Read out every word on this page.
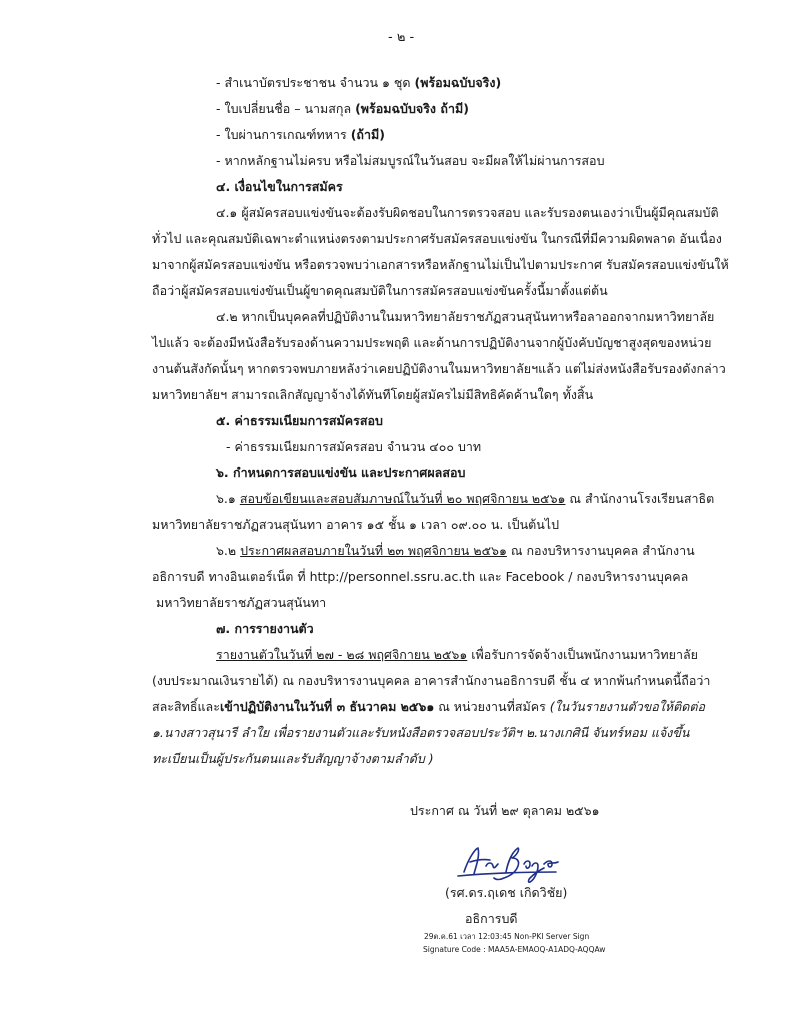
- ๒ -
- สำเนาบัตรประชาชน จำนวน ๑ ชุด (พร้อมฉบับจริง)
- ใบเปลี่ยนชื่อ – นามสกุล (พร้อมฉบับจริง ถ้ามี)
- ใบผ่านการเกณฑ์ทหาร (ถ้ามี)
- หากหลักฐานไม่ครบ หรือไม่สมบูรณ์ในวันสอบ จะมีผลให้ไม่ผ่านการสอบ
๔. เงื่อนไขในการสมัคร
๔.๑ ผู้สมัครสอบแข่งขันจะต้องรับผิดชอบในการตรวจสอบ และรับรองตนเองว่าเป็นผู้มีคุณสมบัติ
ทั่วไป และคุณสมบัติเฉพาะตำแหน่งตรงตามประกาศรับสมัครสอบแข่งขัน ในกรณีที่มีความผิดพลาด อันเนื่อง
มาจากผู้สมัครสอบแข่งขัน หรือตรวจพบว่าเอกสารหรือหลักฐานไม่เป็นไปตามประกาศ รับสมัครสอบแข่งขันให้
ถือว่าผู้สมัครสอบแข่งขันเป็นผู้ขาดคุณสมบัติในการสมัครสอบแข่งขันครั้งนี้มาตั้งแต่ต้น
๔.๒ หากเป็นบุคคลที่ปฏิบัติงานในมหาวิทยาลัยราชภัฏสวนสุนันทาหรือลาออกจากมหาวิทยาลัย
ไปแล้ว จะต้องมีหนังสือรับรองด้านความประพฤติ และด้านการปฏิบัติงานจากผู้บังคับบัญชาสูงสุดของหน่วย
งานต้นสังกัดนั้นๆ หากตรวจพบภายหลังว่าเคยปฏิบัติงานในมหาวิทยาลัยฯแล้ว แต่ไม่ส่งหนังสือรับรองดังกล่าว
มหาวิทยาลัยฯ สามารถเลิกสัญญาจ้างได้ทันทีโดยผู้สมัครไม่มีสิทธิคัดค้านใดๆ ทั้งสิ้น
๕. ค่าธรรมเนียมการสมัครสอบ
- ค่าธรรมเนียมการสมัครสอบ จำนวน ๔๐๐ บาท
๖. กำหนดการสอบแข่งขัน และประกาศผลสอบ
๖.๑ สอบข้อเขียนและสอบสัมภาษณ์ในวันที่ ๒๐ พฤศจิกายน ๒๕๖๑ ณ สำนักงานโรงเรียนสาธิต
มหาวิทยาลัยราชภัฏสวนสุนันทา อาคาร ๑๕ ชั้น ๑ เวลา ๐๙.๐๐ น. เป็นต้นไป
๖.๒ ประกาศผลสอบภายในวันที่ ๒๓ พฤศจิกายน ๒๕๖๑ ณ กองบริหารงานบุคคล สำนักงาน
อธิการบดี ทางอินเตอร์เน็ต ที่ http://personnel.ssru.ac.th และ Facebook / กองบริหารงานบุคคล
มหาวิทยาลัยราชภัฏสวนสุนันทา
๗. การรายงานตัว
รายงานตัวในวันที่ ๒๗ - ๒๘ พฤศจิกายน ๒๕๖๑ เพื่อรับการจัดจ้างเป็นพนักงานมหาวิทยาลัย
(งบประมาณเงินรายได้) ณ กองบริหารงานบุคคล อาคารสำนักงานอธิการบดี ชั้น ๔ หากพ้นกำหนดนี้ถือว่า
สละสิทธิ์และเข้าปฏิบัติงานในวันที่ ๓ ธันวาคม ๒๕๖๑ ณ หน่วยงานที่สมัคร (ในวันรายงานตัวขอให้ติดต่อ
๑.นางสาวสุนารี ลำใย เพื่อรายงานตัวและรับหนังสือตรวจสอบประวัติฯ ๒.นางเกศินี จันทร์หอม แจ้งขึ้น
ทะเบียนเป็นผู้ประกันตนและรับสัญญาจ้างตามลำดับ )
ประกาศ ณ วันที่ ๒๙ ตุลาคม ๒๕๖๑
(รศ.ดร.ฤเดช เกิดวิชัย)
อธิการบดี
29ต.ค.61 เวลา 12:03:45 Non-PKI Server Sign
Signature Code : MAA5A-EMAOQ-A1ADQ-AQQAw
